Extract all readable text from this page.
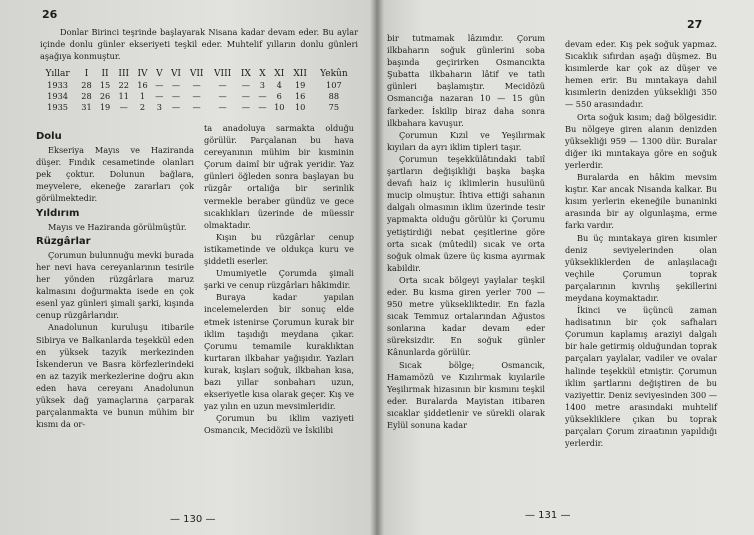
26
Donlar Birinci teşrinde başlayarak Nisana kadar devam eder. Bu aylar içinde donlu günler ekseriyeti teşkil eder. Muhtelif yılların donlu günleri aşağıya konmuştur.
Yıllar	I	II	III	IV	V	VI	VII	VIII	IX	X	XI	XII	Yekûn
1933	28	15	22	16	—	—	—	—	—	3	4	19	107
1934	28	26	11	1	—	—	—	—	—	—	6	16	88
1935	31	19	—	2	3	—	—	—	—	—	10	10	75
Dolu

Ekseriya Mayıs ve Haziranda düşer. Fındık cesametinde olanları pek çoktur. Dolunun bağlara, meyvelere, ekeneğe zararları çok görülmektedir.

Yıldırım

Mayıs ve Haziranda görülmüştür.

Rüzgârlar

Çorumun bulunnuğu mevki burada her nevi hava cereyanlarının tesirile her yönden rüzgârlara maruz kalmasını doğurmakta isede en çok esenl yaz günleri şimali şarki, kışında cenup rüzgârlarıdır.

Anadolunun kuruluşu itibarile Sibirya ve Balkanlarda teşekkül eden en yüksek tazyik merkezinden İskenderun ve Basra körfezlerindeki en az tazyik merkezlerine doğru akın eden hava cereyanı Anadolunun yüksek dağ yamaçlarına çarparak parçalanmakta ve bunun mühim bir kısmı da or-

ta anadoluya sarmakta olduğu görülür. Parçalanan bu hava cereyanının mühim bir kısminin Çorum daimî bir uğrak yeridir. Yaz günleri öğleden sonra başlayan bu rüzgâr ortaliğa bir serinlik vermekle beraber gündüz ve gece sıcaklıkları üzerinde de müessir olmaktadır.

Kışın bu rüzgârlar cenup istikametinde ve oldukça kuru ve şiddetli eserler.

Umumiyetle Çorumda şimali şarki ve cenup rüzgârları hâkimdir.

Buraya kadar yapılan incelemelerden bir sonuç elde etmek istenirse Çorumun kurak bir iklim taşıdığı meydana çıkar. Çorumu temamile kuraklıktan kurtaran ilkbahar yağışıdır. Yazları kurak, kışları soğuk, ilkbahan kısa, bazı yıllar sonbaharı uzun, ekseriyetle kısa olarak geçer. Kış ve yaz yılın en uzun mevsimleridir.

Çorumun bu iklim vaziyeti Osmancık, Mecidözü ve İskilibi

— 130 —
27

bir tutmamak lâzımdır. Çorum ilkbaharın soğuk günlerini soba başında geçirirken Osmancıkta Şubatta ilkbaharın lâtif ve tatlı günleri başlamıştır. Mecidözü Osmancığa nazaran 10 — 15 gün farkeder. İskilip biraz daha sonra ilkbahara kavuşur.

Çorumun Kızıl ve Yeşilırmak kıyıları da ayrı iklim tipleri taşır.

Çorumun teşekkülâtındaki tabiî şartların değişikliği başka başka devafı haiz iç iklimlerin husulünü mucip olmuştur. İhtiva ettiği sahanın dalgalı olmasının iklim üzerinde tesir yapmakta olduğu görülür ki Çorumu yetiştirdiği nebat çeşitlerine göre orta sıcak (mûtedil) sıcak ve orta soğuk olmak üzere üç kısma ayırmak kabildir.

Orta sıcak bölgeyi yaylalar teşkil eder. Bu kısma giren yerler 700 — 950 metre yüksekliktedir. En fazla sıcak Temmuz ortalarından Ağustos sonlarına kadar devam eder süreksizdir. En soğuk günler Kânunlarda görülür.

Sıcak bölge; Osmancık, Hamamözü ve Kızılırmak kıyılarile Yeşilırmak hizasının bir kısmını teşkil eder. Buralarda Mayistan itibaren sıcaklar şiddetlenir ve sürekli olarak Eylül sonuna kadar

devam eder. Kış pek soğuk yapmaz. Sıcaklık sıfırdan aşağı düşmez. Bu kısımlerde kar çok az düşer ve hemen erir. Bu mıntakaya dahil kısımlerin denizden yüksekliği 350 — 550 arasındadır.

Orta soğuk kısım; dağ bölgesidir. Bu nölgeye giren alanın denizden yüksekliği 959 — 1300 dür. Buralar diğer iki mıntakaya göre en soğuk yerlerdir.

Buralarda en hâkim mevsim kıştır. Kar ancak Nisanda kalkar. Bu kısım yerlerin ekeneğile bunaninki arasında bir ay olgunlaşma, erme farkı vardır.

Bu üç mıntakaya giren kısımler deniz seviyelerinden olan yüksekliklerden de anlaşılacağı veçhile Çorumun toprak parçalarının kıvrılış şekillerini meydana koymaktadır.

İkinci ve üçüncü zaman hadisatının bir çok safhaları Çorumun kaplamış araziyi dalgalı bir hale getirmiş olduğundan toprak parçaları yaylalar, vadiler ve ovalar halinde teşekkül etmiştir. Çorumun iklim şartlarını değiştiren de bu vaziyettir. Deniz seviyesinden 300 — 1400 metre arasındaki muhtelif yüksekliklere çıkan bu toprak parçaları Çorum ziraatının yapıldığı yerlerdir.

— 131 —
